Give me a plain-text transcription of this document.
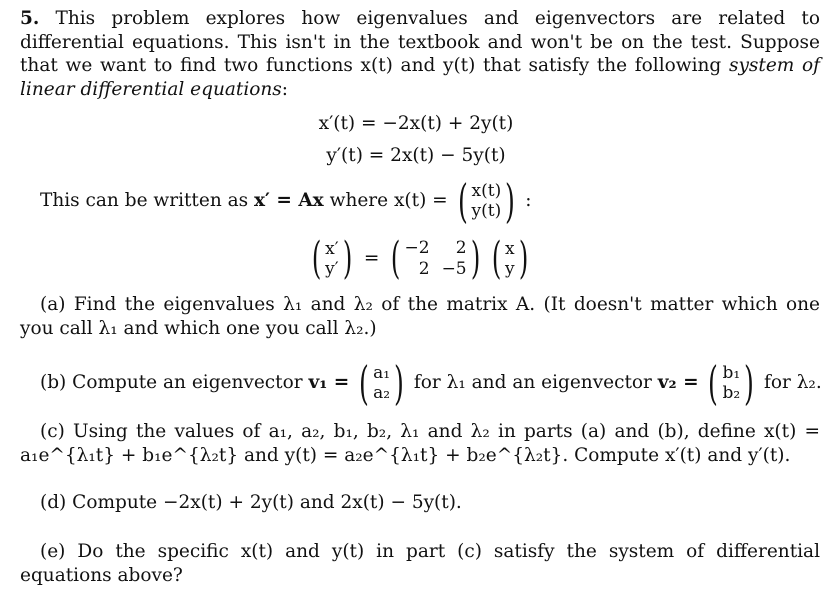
5. This problem explores how eigenvalues and eigenvectors are related to differential equations. This isn't in the textbook and won't be on the test. Suppose that we want to find two functions x(t) and y(t) that satisfy the following system of linear differential equations:
x′(t) = −2x(t) + 2y(t)
y′(t) = 2x(t) − 5y(t)
This can be written as
x′ = Ax
where
x(t) =
( x(t)
y(t) ) :
( x′
y′ ) = ( −2	2
2 −5 ) ( x
y )
(a) Find the eigenvalues λ₁ and λ₂ of the matrix A. (It doesn't matter which one you call λ₁ and which one you call λ₂.)
(b) Compute an eigenvector
v₁ =
( a₁
a₂ )
for λ₁ and an eigenvector
v₂ =
( b₁
b₂ )
for λ₂.
(c) Using the values of a₁, a₂, b₁, b₂, λ₁ and λ₂ in parts (a) and (b), define x(t) = a₁e^{λ₁t} + b₁e^{λ₂t} and y(t) = a₂e^{λ₁t} + b₂e^{λ₂t}. Compute x′(t) and y′(t).
(d) Compute −2x(t) + 2y(t) and 2x(t) − 5y(t).
(e) Do the specific x(t) and y(t) in part (c) satisfy the system of differential equations above?
